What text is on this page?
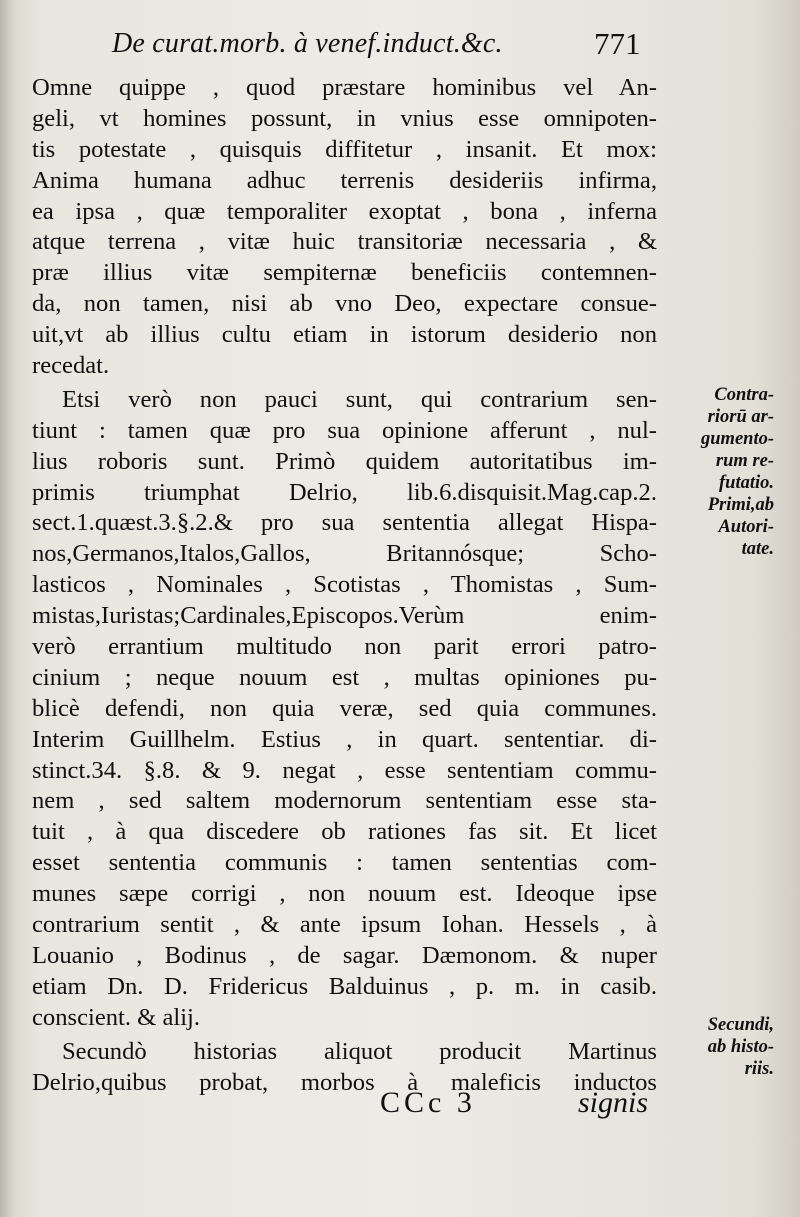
De curat.morb. à venef.induct.&c.	771
Omne quippe , quod præstare hominibus vel An-
geli, vt homines possunt, in vnius esse omnipoten-
tis potestate , quisquis diffitetur , insanit. Et mox:
Anima humana adhuc terrenis desideriis infirma,
ea ipsa , quæ temporaliter exoptat , bona , inferna
atque terrena , vitæ huic transitoriæ necessaria , &
præ illius vitæ sempiternæ beneficiis contemnen-
da, non tamen, nisi ab vno Deo, expectare consue-
uit,vt ab illius cultu etiam in istorum desiderio non
recedat.
Etsi verò non pauci sunt, qui contrarium sen-
tiunt : tamen quæ pro sua opinione afferunt , nul-
lius roboris sunt. Primò quidem autoritatibus im-
primis triumphat Delrio, lib.6.disquisit.Mag.cap.2.
sect.1.quæst.3.§.2.& pro sua sententia allegat Hispa-
nos,Germanos,Italos,Gallos, Britannósque; Scho-
lasticos , Nominales , Scotistas , Thomistas , Sum-
mistas,Iuristas;Cardinales,Episcopos.Verùm enim-
verò errantium multitudo non parit errori patro-
cinium ; neque nouum est , multas opiniones pu-
blicè defendi, non quia veræ, sed quia communes.
Interim Guillhelm. Estius , in quart. sententiar. di-
stinct.34. §.8. & 9. negat , esse sententiam commu-
nem , sed saltem modernorum sententiam esse sta-
tuit , à qua discedere ob rationes fas sit. Et licet
esset sententia communis : tamen sententias com-
munes sæpe corrigi , non nouum est. Ideoque ipse
contrarium sentit , & ante ipsum Iohan. Hessels , à
Louanio , Bodinus , de sagar. Dæmonom. & nuper
etiam Dn. D. Fridericus Balduinus , p. m. in casib.
conscient. & alij.
Secundò historias aliquot producit Martinus
Delrio,quibus probat, morbos à maleficis inductos
Contra-
riorū ar-
gumento-
rum re-
futatio.
Primi,ab
Autori-
tate.
Secundi,
ab histo-
riis.
CCc 3	signis
